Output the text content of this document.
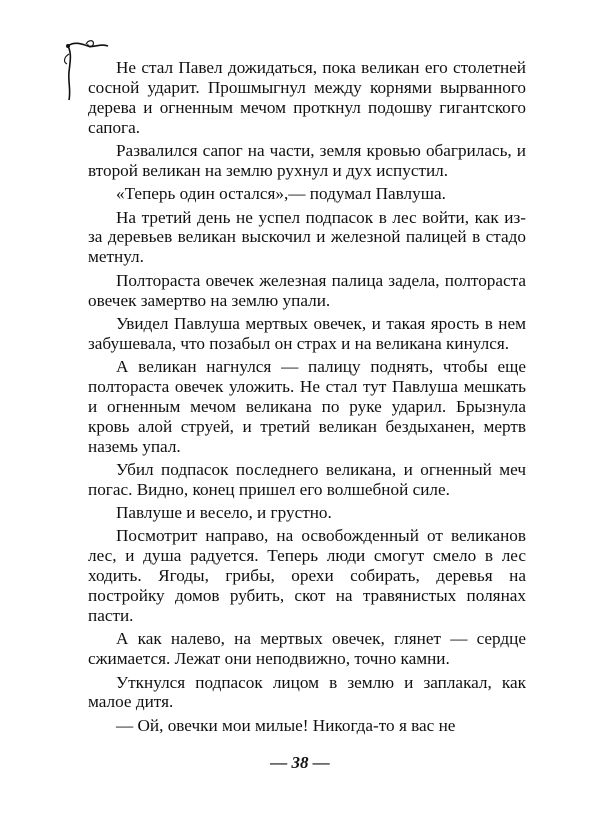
Не стал Павел дожидаться, пока великан его столетней сосной ударит. Прошмыгнул между корнями вырванного дерева и огненным мечом проткнул подошву гигантского сапога.

Развалился сапог на части, земля кровью обагрилась, и второй великан на землю рухнул и дух испустил.

«Теперь один остался»,— подумал Павлуша.

На третий день не успел подпасок в лес войти, как из-за деревьев великан выскочил и железной палицей в стадо метнул.

Полтораста овечек железная палица задела, полтораста овечек замертво на землю упали.

Увидел Павлуша мертвых овечек, и такая ярость в нем забушевала, что позабыл он страх и на великана кинулся.

А великан нагнулся — палицу поднять, чтобы еще полтораста овечек уложить. Не стал тут Павлуша мешкать и огненным мечом великана по руке ударил. Брызнула кровь алой струей, и третий великан бездыханен, мертв наземь упал.

Убил подпасок последнего великана, и огненный меч погас. Видно, конец пришел его волшебной силе.

Павлуше и весело, и грустно.

Посмотрит направо, на освобожденный от великанов лес, и душа радуется. Теперь люди смогут смело в лес ходить. Ягоды, грибы, орехи собирать, деревья на постройку домов рубить, скот на травянистых полянах пасти.

А как налево, на мертвых овечек, глянет — сердце сжимается. Лежат они неподвижно, точно камни.

Уткнулся подпасок лицом в землю и заплакал, как малое дитя.

— Ой, овечки мои милые! Никогда-то я вас не

— 38 —
